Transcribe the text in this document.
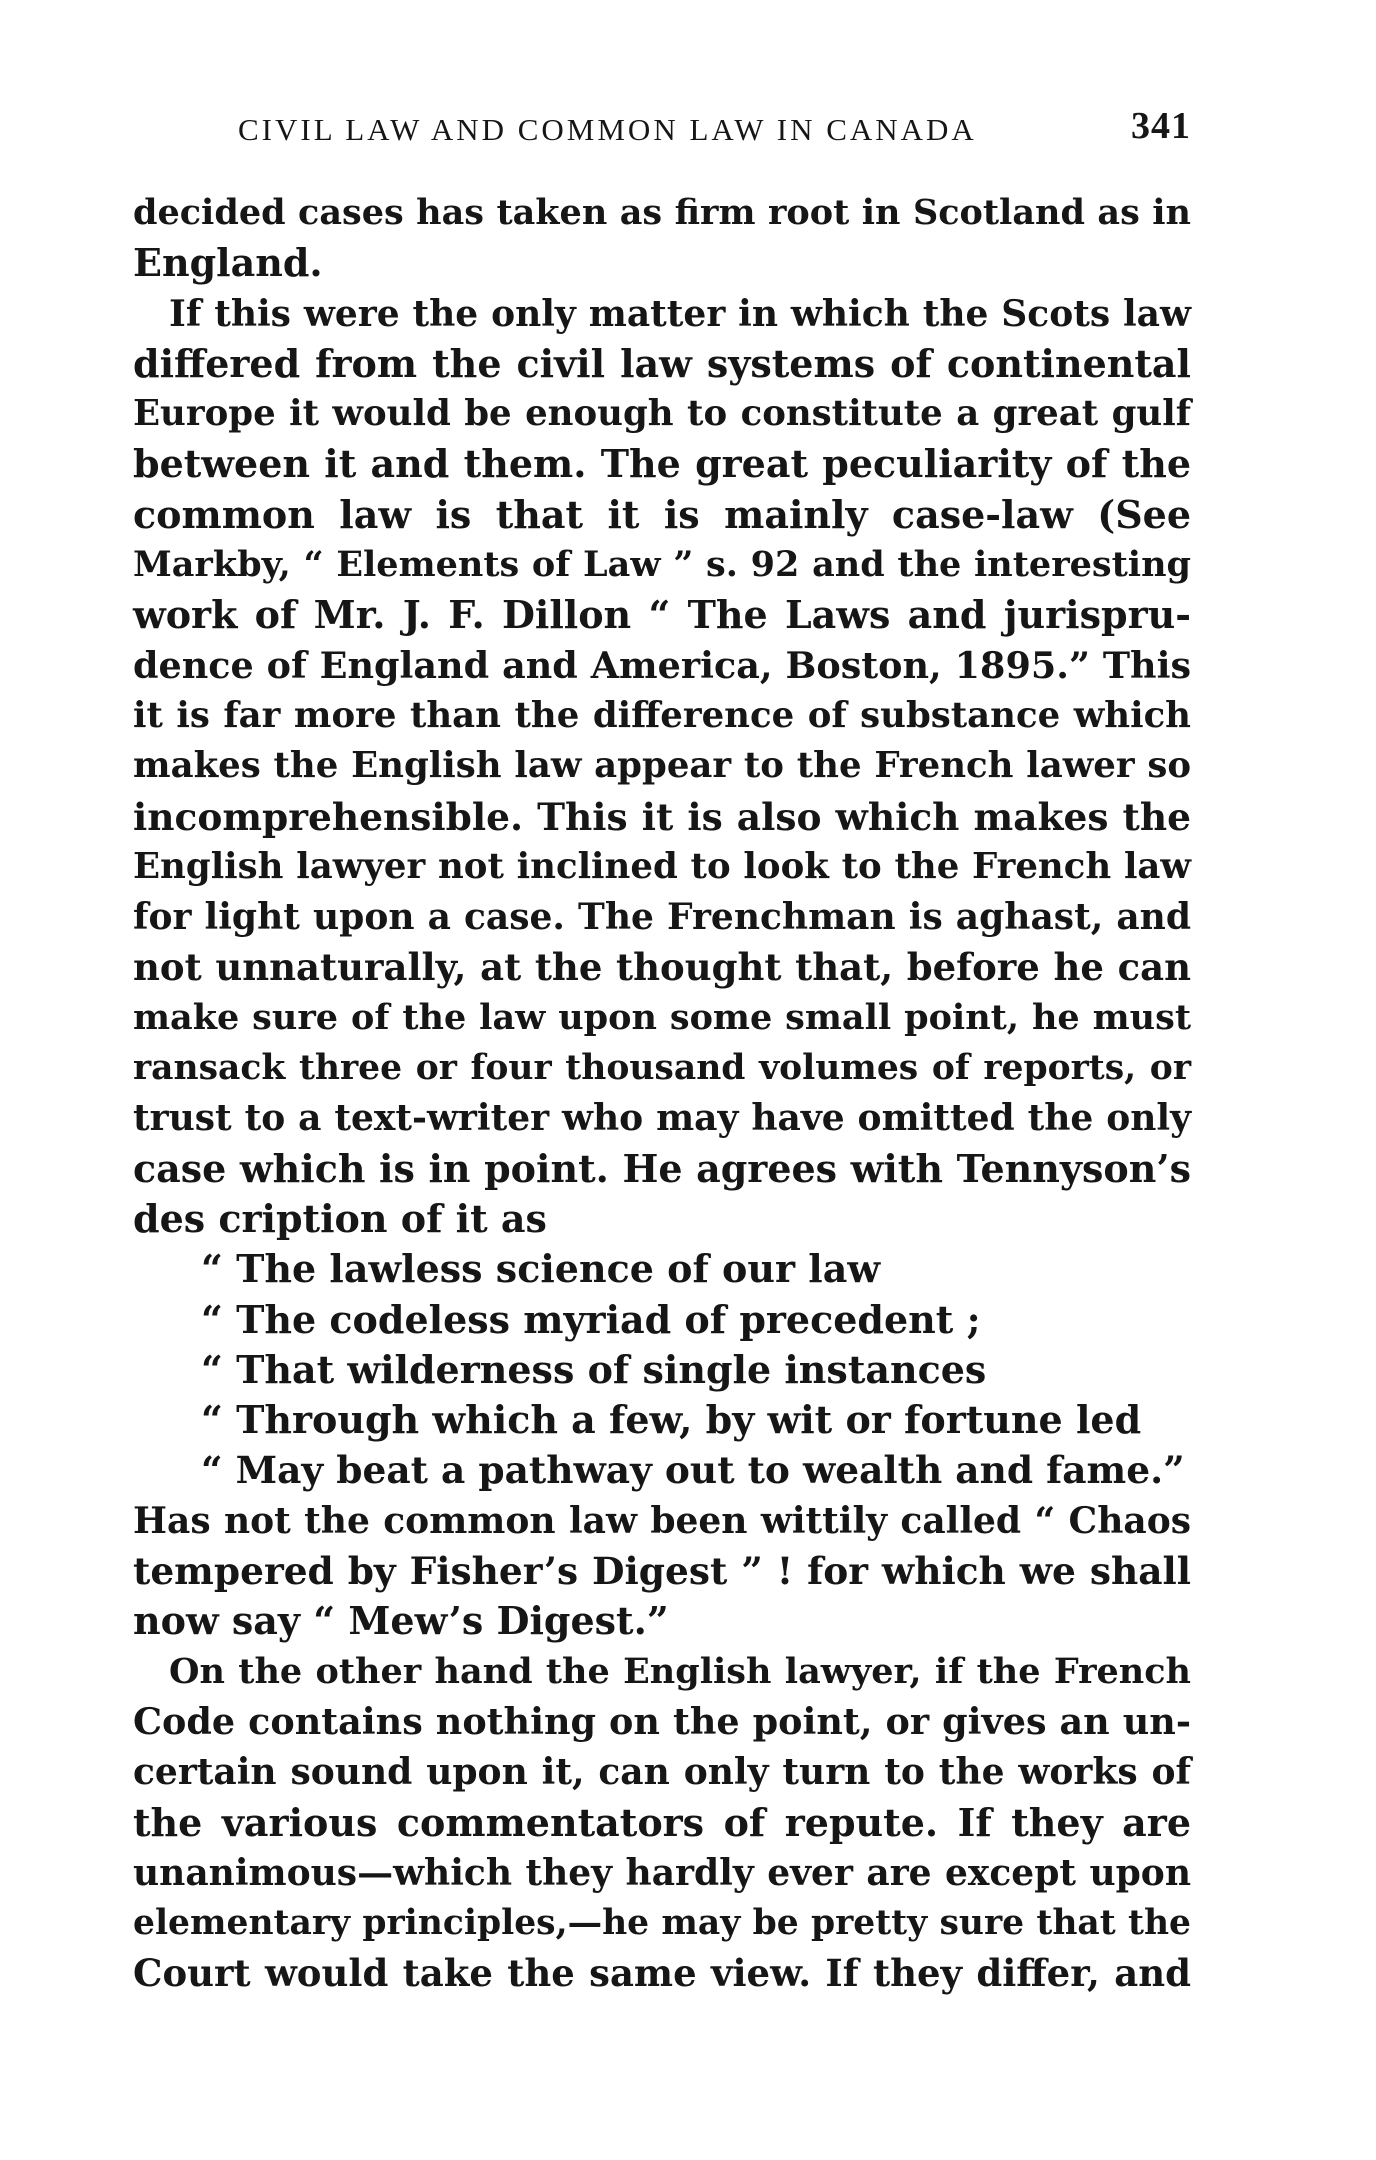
CIVIL LAW AND COMMON LAW IN CANADA	341
decided cases has taken as firm root in Scotland as in
England.
If this were the only matter in which the Scots law
differed from the civil law systems of continental
Europe it would be enough to constitute a great gulf
between it and them. The great peculiarity of the
common law is that it is mainly case-law (See
Markby, “ Elements of Law ” s. 92 and the interesting
work of Mr. J. F. Dillon “ The Laws and jurispru-
dence of England and America, Boston, 1895.” This
it is far more than the difference of substance which
makes the English law appear to the French lawer so
incomprehensible. This it is also which makes the
English lawyer not inclined to look to the French law
for light upon a case. The Frenchman is aghast, and
not unnaturally, at the thought that, before he can
make sure of the law upon some small point, he must
ransack three or four thousand volumes of reports, or
trust to a text-writer who may have omitted the only
case which is in point. He agrees with Tennyson’s
des cription of it as
“ The lawless science of our law
“ The codeless myriad of precedent ;
“ That wilderness of single instances
“ Through which a few, by wit or fortune led
“ May beat a pathway out to wealth and fame.”
Has not the common law been wittily called “ Chaos
tempered by Fisher’s Digest ” ! for which we shall
now say “ Mew’s Digest.”
On the other hand the English lawyer, if the French
Code contains nothing on the point, or gives an un-
certain sound upon it, can only turn to the works of
the various commentators of repute. If they are
unanimous—which they hardly ever are except upon
elementary principles,—he may be pretty sure that the
Court would take the same view. If they differ, and
